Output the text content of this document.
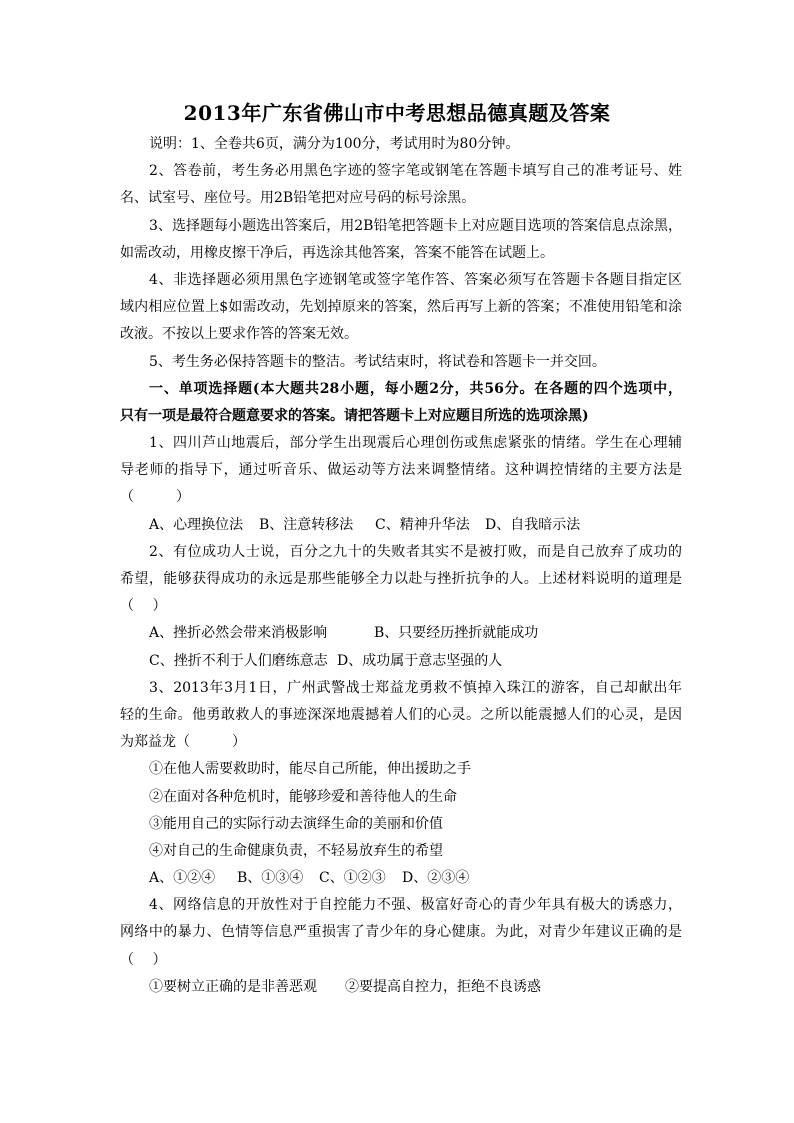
2013年广东省佛山市中考思想品德真题及答案
说明：1、全卷共6页，满分为100分，考试用时为80分钟。
2、答卷前，考生务必用黑色字迹的签字笔或钢笔在答题卡填写自己的准考证号、姓
名、试室号、座位号。用2B铅笔把对应号码的标号涂黑。
3、选择题每小题选出答案后，用2B铅笔把答题卡上对应题目选项的答案信息点涂黑，
如需改动，用橡皮擦干净后，再选涂其他答案，答案不能答在试题上。
4、非选择题必须用黑色字迹钢笔或签字笔作答、答案必须写在答题卡各题目指定区
域内相应位置上$如需改动，先划掉原来的答案，然后再写上新的答案；不准使用铅笔和涂
改液。不按以上要求作答的答案无效。
5、考生务必保持答题卡的整洁。考试结束时，将试卷和答题卡一并交回。
一、单项选择题(本大题共28小题，每小题2分，共56分。在各题的四个选项中，
只有一项是最符合题意要求的答案。请把答题卡上对应题目所选的选项涂黑)
1、四川芦山地震后，部分学生出现震后心理创伤或焦虑紧张的情绪。学生在心理辅
导老师的指导下，通过听音乐、做运动等方法来调整情绪。这种调控情绪的主要方法是
（　　　）
A、心理换位法 B、注意转移法 C、精神升华法 D、自我暗示法
2、有位成功人士说，百分之九十的失败者其实不是被打败，而是自己放弃了成功的
希望，能够获得成功的永远是那些能够全力以赴与挫折抗争的人。上述材料说明的道理是
（　 ）
A、挫折必然会带来消极影响	B、只要经历挫折就能成功
C、挫折不利于人们磨练意志 D、成功属于意志坚强的人
3、2013年3月1日，广州武警战士郑益龙勇救不慎掉入珠江的游客，自己却献出年
轻的生命。他勇敢救人的事迹深深地震撼着人们的心灵。之所以能震撼人们的心灵，是因
为郑益龙（　　　）
①在他人需要救助时，能尽自己所能，伸出援助之手
②在面对各种危机时，能够珍爱和善待他人的生命
③能用自己的实际行动去演绎生命的美丽和价值
④对自己的生命健康负责，不轻易放弃生的希望
A、①②④ B、①③④ C、①②③ D、②③④
4、网络信息的开放性对于自控能力不强、极富好奇心的青少年具有极大的诱惑力，
网络中的暴力、色情等信息严重损害了青少年的身心健康。为此，对青少年建议正确的是
（　 ）
①要树立正确的是非善恶观 ②要提高自控力，拒绝不良诱惑
